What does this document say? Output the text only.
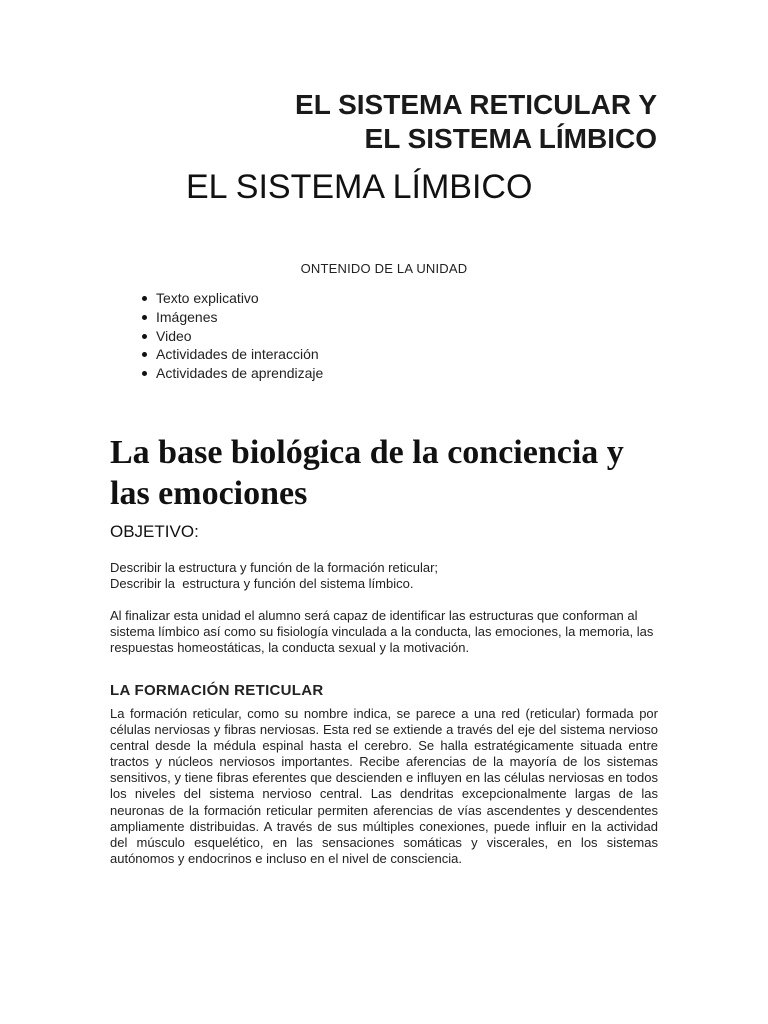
EL SISTEMA RETICULAR Y
EL SISTEMA LÍMBICO
EL SISTEMA LÍMBICO
ONTENIDO DE LA UNIDAD
Texto explicativo
Imágenes
Video
Actividades de interacción
Actividades de aprendizaje
La base biológica de la conciencia y las emociones
OBJETIVO:
Describir la estructura y función de la formación reticular;
Describir la  estructura y función del sistema límbico.

Al finalizar esta unidad el alumno será capaz de identificar las estructuras que conforman al sistema límbico así como su fisiología vinculada a la conducta, las emociones, la memoria, las respuestas homeostáticas, la conducta sexual y la motivación.

LA FORMACIÓN RETICULAR

La formación reticular, como su nombre indica, se parece a una red (reticular) formada por células nerviosas y fibras nerviosas. Esta red se extiende a través del eje del sistema nervioso central desde la médula espinal hasta el cerebro. Se halla estratégicamente situada entre tractos y núcleos nerviosos importantes. Recibe aferencias de la mayoría de los sistemas sensitivos, y tiene fibras eferentes que descienden e influyen en las células nerviosas en todos los niveles del sistema nervioso central. Las dendritas excepcionalmente largas de las neuronas de la formación reticular permiten aferencias de vías ascendentes y descendentes ampliamente distribuidas. A través de sus múltiples conexiones, puede influir en la actividad del músculo esquelético, en las sensaciones somáticas y viscerales, en los sistemas autónomos y endocrinos e incluso en el nivel de consciencia.
